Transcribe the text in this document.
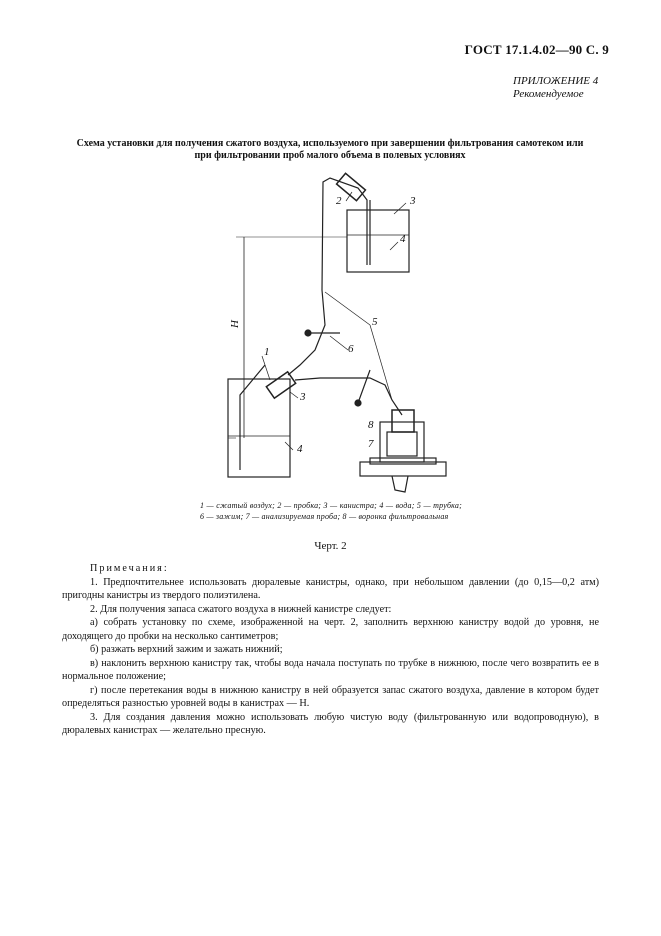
ГОСТ 17.1.4.02—90 С. 9
ПРИЛОЖЕНИЕ 4
Рекомендуемое
Схема установки для получения сжатого воздуха, используемого при завершении фильтрования самотеком или при фильтровании проб малого объема в полевых условиях
1
2	3
4
5
6
7
8
3
4
H
1 — сжатый воздух; 2 — пробка; 3 — канистра; 4 — вода; 5 — трубка; 6 — зажим; 7 — анализируемая проба; 8 — воронка фильтровальная
Черт. 2
Примечания:

1. Предпочтительнее использовать дюралевые канистры, однако, при небольшом давлении (до 0,15—0,2 атм) пригодны канистры из твердого полиэтилена.

2. Для получения запаса сжатого воздуха в нижней канистре следует:

а) собрать установку по схеме, изображенной на черт. 2, заполнить верхнюю канистру водой до уровня, не доходящего до пробки на несколько сантиметров;

б) разжать верхний зажим и зажать нижний;

в) наклонить верхнюю канистру так, чтобы вода начала поступать по трубке в нижнюю, после чего возвратить ее в нормальное положение;

г) после перетекания воды в нижнюю канистру в ней образуется запас сжатого воздуха, давление в котором будет определяться разностью уровней воды в канистрах — Н.

3. Для создания давления можно использовать любую чистую воду (фильтрованную или водопроводную), в дюралевых канистрах — желательно пресную.
